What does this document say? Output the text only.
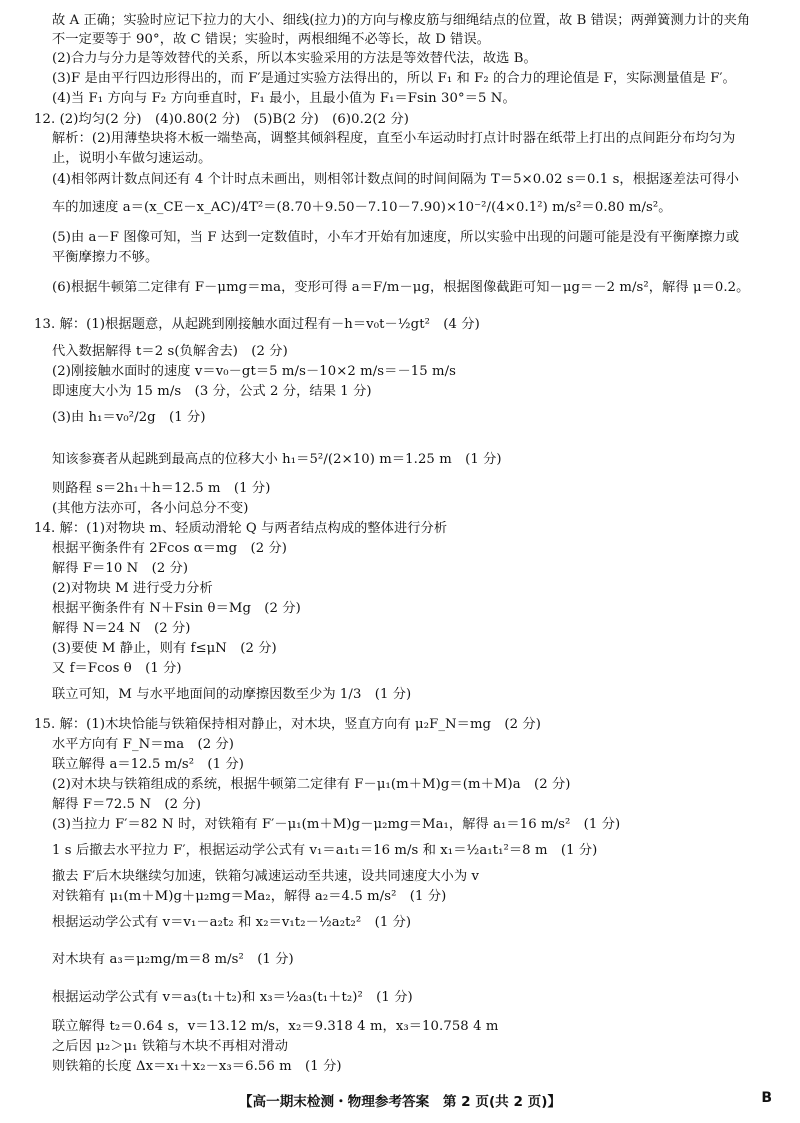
故 A 正确；实验时应记下拉力的大小、细线(拉力)的方向与橡皮筋与细绳结点的位置，故 B 错误；两弹簧测力计的夹角
不一定要等于 90°，故 C 错误；实验时，两根细绳不必等长，故 D 错误。
(2)合力与分力是等效替代的关系，所以本实验采用的方法是等效替代法，故选 B。
(3)F 是由平行四边形得出的，而 F′是通过实验方法得出的，所以 F₁ 和 F₂ 的合力的理论值是 F，实际测量值是 F′。
(4)当 F₁ 方向与 F₂ 方向垂直时，F₁ 最小，且最小值为 F₁＝Fsin 30°＝5 N。
12. (2)均匀(2 分)　(4)0.80(2 分)　(5)B(2 分)　(6)0.2(2 分)
解析：(2)用薄垫块将木板一端垫高，调整其倾斜程度，直至小车运动时打点计时器在纸带上打出的点间距分布均匀为
止，说明小车做匀速运动。
(4)相邻两计数点间还有 4 个计时点未画出，则相邻计数点间的时间间隔为 T＝5×0.02 s＝0.1 s，根据逐差法可得小
车的加速度 a＝(x_CE－x_AC)/4T²＝(8.70＋9.50－7.10－7.90)×10⁻²/(4×0.1²) m/s²＝0.80 m/s²。
(5)由 a－F 图像可知，当 F 达到一定数值时，小车才开始有加速度，所以实验中出现的问题可能是没有平衡摩擦力或
平衡摩擦力不够。
(6)根据牛顿第二定律有 F－μmg＝ma，变形可得 a＝F/m－μg，根据图像截距可知－μg＝－2 m/s²，解得 μ＝0.2。
13. 解：(1)根据题意，从起跳到刚接触水面过程有－h＝v₀t－½gt²　(4 分)
代入数据解得 t＝2 s(负解舍去)　(2 分)
(2)刚接触水面时的速度 v＝v₀－gt＝5 m/s－10×2 m/s＝－15 m/s
即速度大小为 15 m/s　(3 分，公式 2 分，结果 1 分)
(3)由 h₁＝v₀²/2g　(1 分)
知该参赛者从起跳到最高点的位移大小 h₁＝5²/(2×10) m＝1.25 m　(1 分)
则路程 s＝2h₁＋h＝12.5 m　(1 分)
(其他方法亦可，各小问总分不变)
14. 解：(1)对物块 m、轻质动滑轮 Q 与两者结点构成的整体进行分析
根据平衡条件有 2Fcos α＝mg　(2 分)
解得 F＝10 N　(2 分)
(2)对物块 M 进行受力分析
根据平衡条件有 N＋Fsin θ＝Mg　(2 分)
解得 N＝24 N　(2 分)
(3)要使 M 静止，则有 f≤μN　(2 分)
又 f＝Fcos θ　(1 分)
联立可知，M 与水平地面间的动摩擦因数至少为 1/3　(1 分)
15. 解：(1)木块恰能与铁箱保持相对静止，对木块，竖直方向有 μ₂F_N＝mg　(2 分)
水平方向有 F_N＝ma　(2 分)
联立解得 a＝12.5 m/s²　(1 分)
(2)对木块与铁箱组成的系统，根据牛顿第二定律有 F－μ₁(m＋M)g＝(m＋M)a　(2 分)
解得 F＝72.5 N　(2 分)
(3)当拉力 F′＝82 N 时，对铁箱有 F′－μ₁(m＋M)g－μ₂mg＝Ma₁，解得 a₁＝16 m/s²　(1 分)
1 s 后撤去水平拉力 F′，根据运动学公式有 v₁＝a₁t₁＝16 m/s 和 x₁＝½a₁t₁²＝8 m　(1 分)
撤去 F′后木块继续匀加速，铁箱匀减速运动至共速，设共同速度大小为 v
对铁箱有 μ₁(m＋M)g＋μ₂mg＝Ma₂，解得 a₂＝4.5 m/s²　(1 分)
根据运动学公式有 v＝v₁－a₂t₂ 和 x₂＝v₁t₂－½a₂t₂²　(1 分)
对木块有 a₃＝μ₂mg/m＝8 m/s²　(1 分)
根据运动学公式有 v＝a₃(t₁＋t₂)和 x₃＝½a₃(t₁＋t₂)²　(1 分)
联立解得 t₂＝0.64 s，v＝13.12 m/s，x₂＝9.318 4 m，x₃＝10.758 4 m
之后因 μ₂＞μ₁ 铁箱与木块不再相对滑动
则铁箱的长度 Δx＝x₁＋x₂－x₃＝6.56 m　(1 分)
【高一期末检测・物理参考答案　第 2 页(共 2 页)】	B
